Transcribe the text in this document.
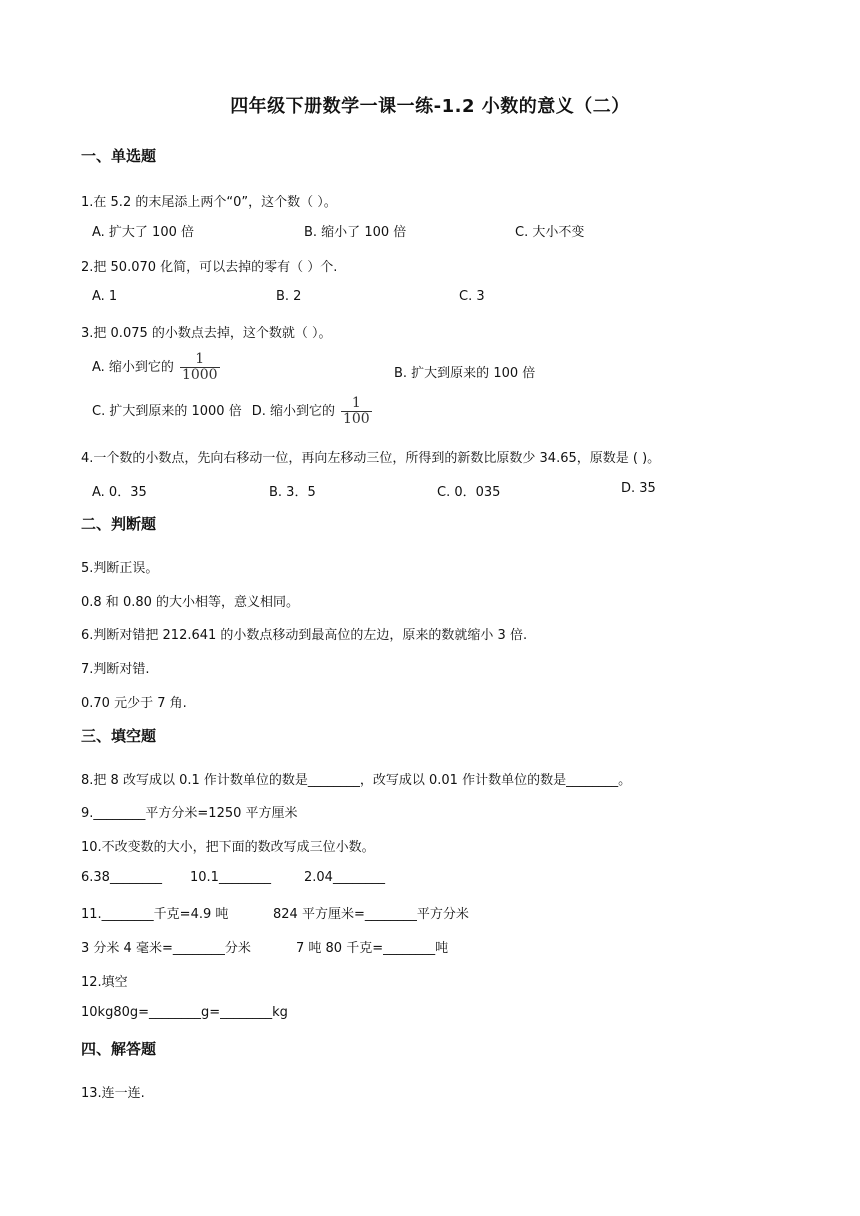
四年级下册数学一课一练-1.2 小数的意义（二）
一、单选题
1.在 5.2 的末尾添上两个“0”，这个数（ ）。
A. 扩大了 100 倍	B. 缩小了 100 倍	C. 大小不变
2.把 50.070 化简，可以去掉的零有（ ）个.
A. 1	B. 2	C. 3
3.把 0.075 的小数点去掉，这个数就（ ）。
A. 缩小到它的 $\frac{1}{1000}$	B. 扩大到原来的 100 倍
C. 扩大到原来的 1000 倍 D. 缩小到它的 $\frac{1}{100}$
4.一个数的小数点，先向右移动一位，再向左移动三位，所得到的新数比原数少 34.65，原数是 ( )。
A. 0．35	B. 3．5	C. 0．035	D. 35
二、判断题
5.判断正误。
0.8 和 0.80 的大小相等，意义相同。
6.判断对错把 212.641 的小数点移动到最高位的左边，原来的数就缩小 3 倍.
7.判断对错.
0.70 元少于 7 角.
三、填空题
8.把 8 改写成以 0.1 作计数单位的数是________，改写成以 0.01 作计数单位的数是________。
9.________平方分米=1250 平方厘米
10.不改变数的大小，把下面的数改写成三位小数。
6.38________ 10.1________	2.04________
11.________千克=4.9 吨	824 平方厘米=________平方分米
3 分米 4 毫米=________分米	7 吨 80 千克=________吨
12.填空
10kg80g=________g=________kg
四、解答题
13.连一连.
